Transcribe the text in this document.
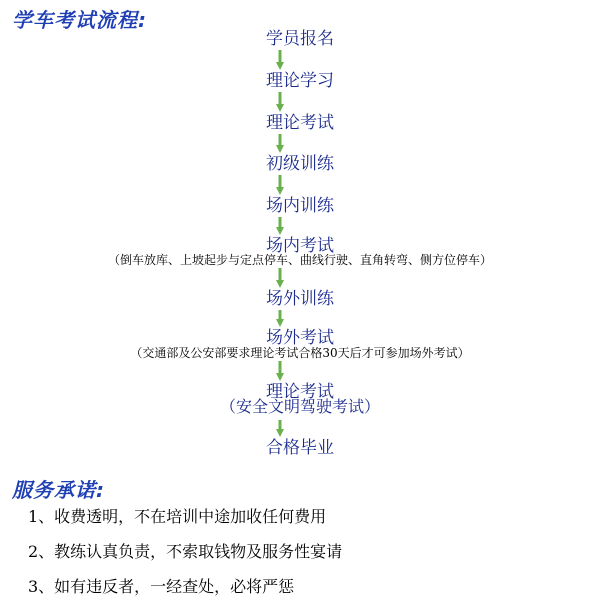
学车考试流程:
学员报名
理论学习
理论考试
初级训练
场内训练
场内考试
（倒车放库、上坡起步与定点停车、曲线行驶、直角转弯、侧方位停车）
场外训练
场外考试
（交通部及公安部要求理论考试合格30天后才可参加场外考试）
理论考试
（安全文明驾驶考试）
合格毕业
服务承诺:
1、收费透明，不在培训中途加收任何费用
2、教练认真负责，不索取钱物及服务性宴请
3、如有违反者，一经查处，必将严惩
